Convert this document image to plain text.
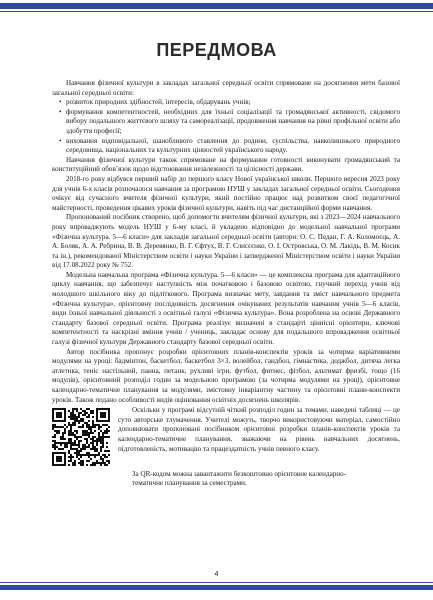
ПЕРЕДМОВА

Навчання фізичної культури в закладах загальної середньої освіти спрямоване на досягнення мети базової загальної середньої освіти:

• розвиток природних здібностей, інтересів, обдарувань учнів;

• формування компетентностей, необхідних для їхньої соціалізації та громадянської активності, свідомого вибору подальшого життєвого шляху та самореалізації, продовження навчання на рівні профільної освіти або здобуття професії;

• виховання відповідальної, шанобливого ставлення до родини, суспільства, навколишнього природного середовища, національних та культурних цінностей українського народу.

Навчання фізичної культури також спрямоване на формування готовності виконувати громадянський та конституційний обов’язок щодо відстоювання незалежності та цілісності держави.

2018-го року відбувся перший набір до першого класу Нової української школи. Першого вересня 2023 року для учнів 6-х класів розпочалося навчання за програмою НУШ у закладах загальної середньої освіти. Сьогодення очікує від сучасного вчителя фізичної культури, який постійно працює над розвитком своєї педагогічної майстерності, проведення цікавих уроків фізичної культури, навіть під час дистанційної форми навчання.

Пропонований посібник створено, щоб допомогти вчителям фізичної культури, які з 2023—2024 навчального року впроваджують модель НУШ у 6-му класі, й укладено відповідно до модельної навчальної програми «Фізична культура. 5—6 класи» для закладів загальної середньої освіти (автори: О. С. Педан, Г. А. Коломоєць, А. А. Боляк, А. А. Ребрина, В. В. Деревянко, В. Г. Єфтух, В. Г. Єлисєєнко, О. І. Островська, О. М. Лакідь, В. М. Косик та ін.), рекомендованої Міністерством освіти і науки України і затвердженої Міністерством освіти і науки України від 17.08.2022 року № 752.

Модельна навчальна програма «Фізична культура. 5—6 класи» — це комплексна програма для адаптаційного циклу навчання, що забезпечує наступність між початковою і базовою освітою, гнучкий перехід учнів від молодшого шкільного віку до підліткового. Програма визначає мету, завдання та зміст навчального предмета «Фізична культура», орієнтовну послідовність досягнення очікуваних результатів навчання учнів 5—6 класів, види їхньої навчальної діяльності з освітньої галузі «Фізична культура». Вона розроблена на основі Державного стандарту базової середньої освіти. Програма реалізує визначені в стандарті ціннісні орієнтири, ключові компетентності та наскрізні вміння учнів / учениць, закладає основу для подальшого впровадження освітньої галузі фізичної культури Державного стандарту базової середньої освіти.

Автор посібника пропонує розробки орієнтовних планів-конспектів уроків за чотирма варіативними модулями на уроці: бадмінтон, баскетбол, баскетбол 3×3, волейбол, гандбол, гімнастика, доджбол, дитяча легка атлетика, теніс настільний, панна, петанк, рухливі ігри, футбол, фитнес, фітбол, альтимат фризбі, тощо (16 модулів), орієнтовний розподіл годин за модельною програмою (за чотирма модулями на уроці), орієнтовне календарно-тематичне планування за модулями, змістовну інваріантну частину та орієнтовні плани-конспекти уроків. Також подано особливості видів оцінювання освітніх досягнень школярів.

Оскільки у програмі відсутній чіткий розподіл годин за темами, наведені таблиці — це суто авторське тлумачення. Учителі можуть, творчо використовуючи матеріал, самостійно доповнювати пропоновані посібником орієнтовні розробки планів-конспектів уроків та календарно-тематичне планування, зважаючи на рівень навчальних досягнень, підготовленість, мотивацію та працездатність учнів певного класу.

За QR-кодом можна завантажити безкоштовно орієнтовне календарно-

тематичне планування за семестрами.

4
